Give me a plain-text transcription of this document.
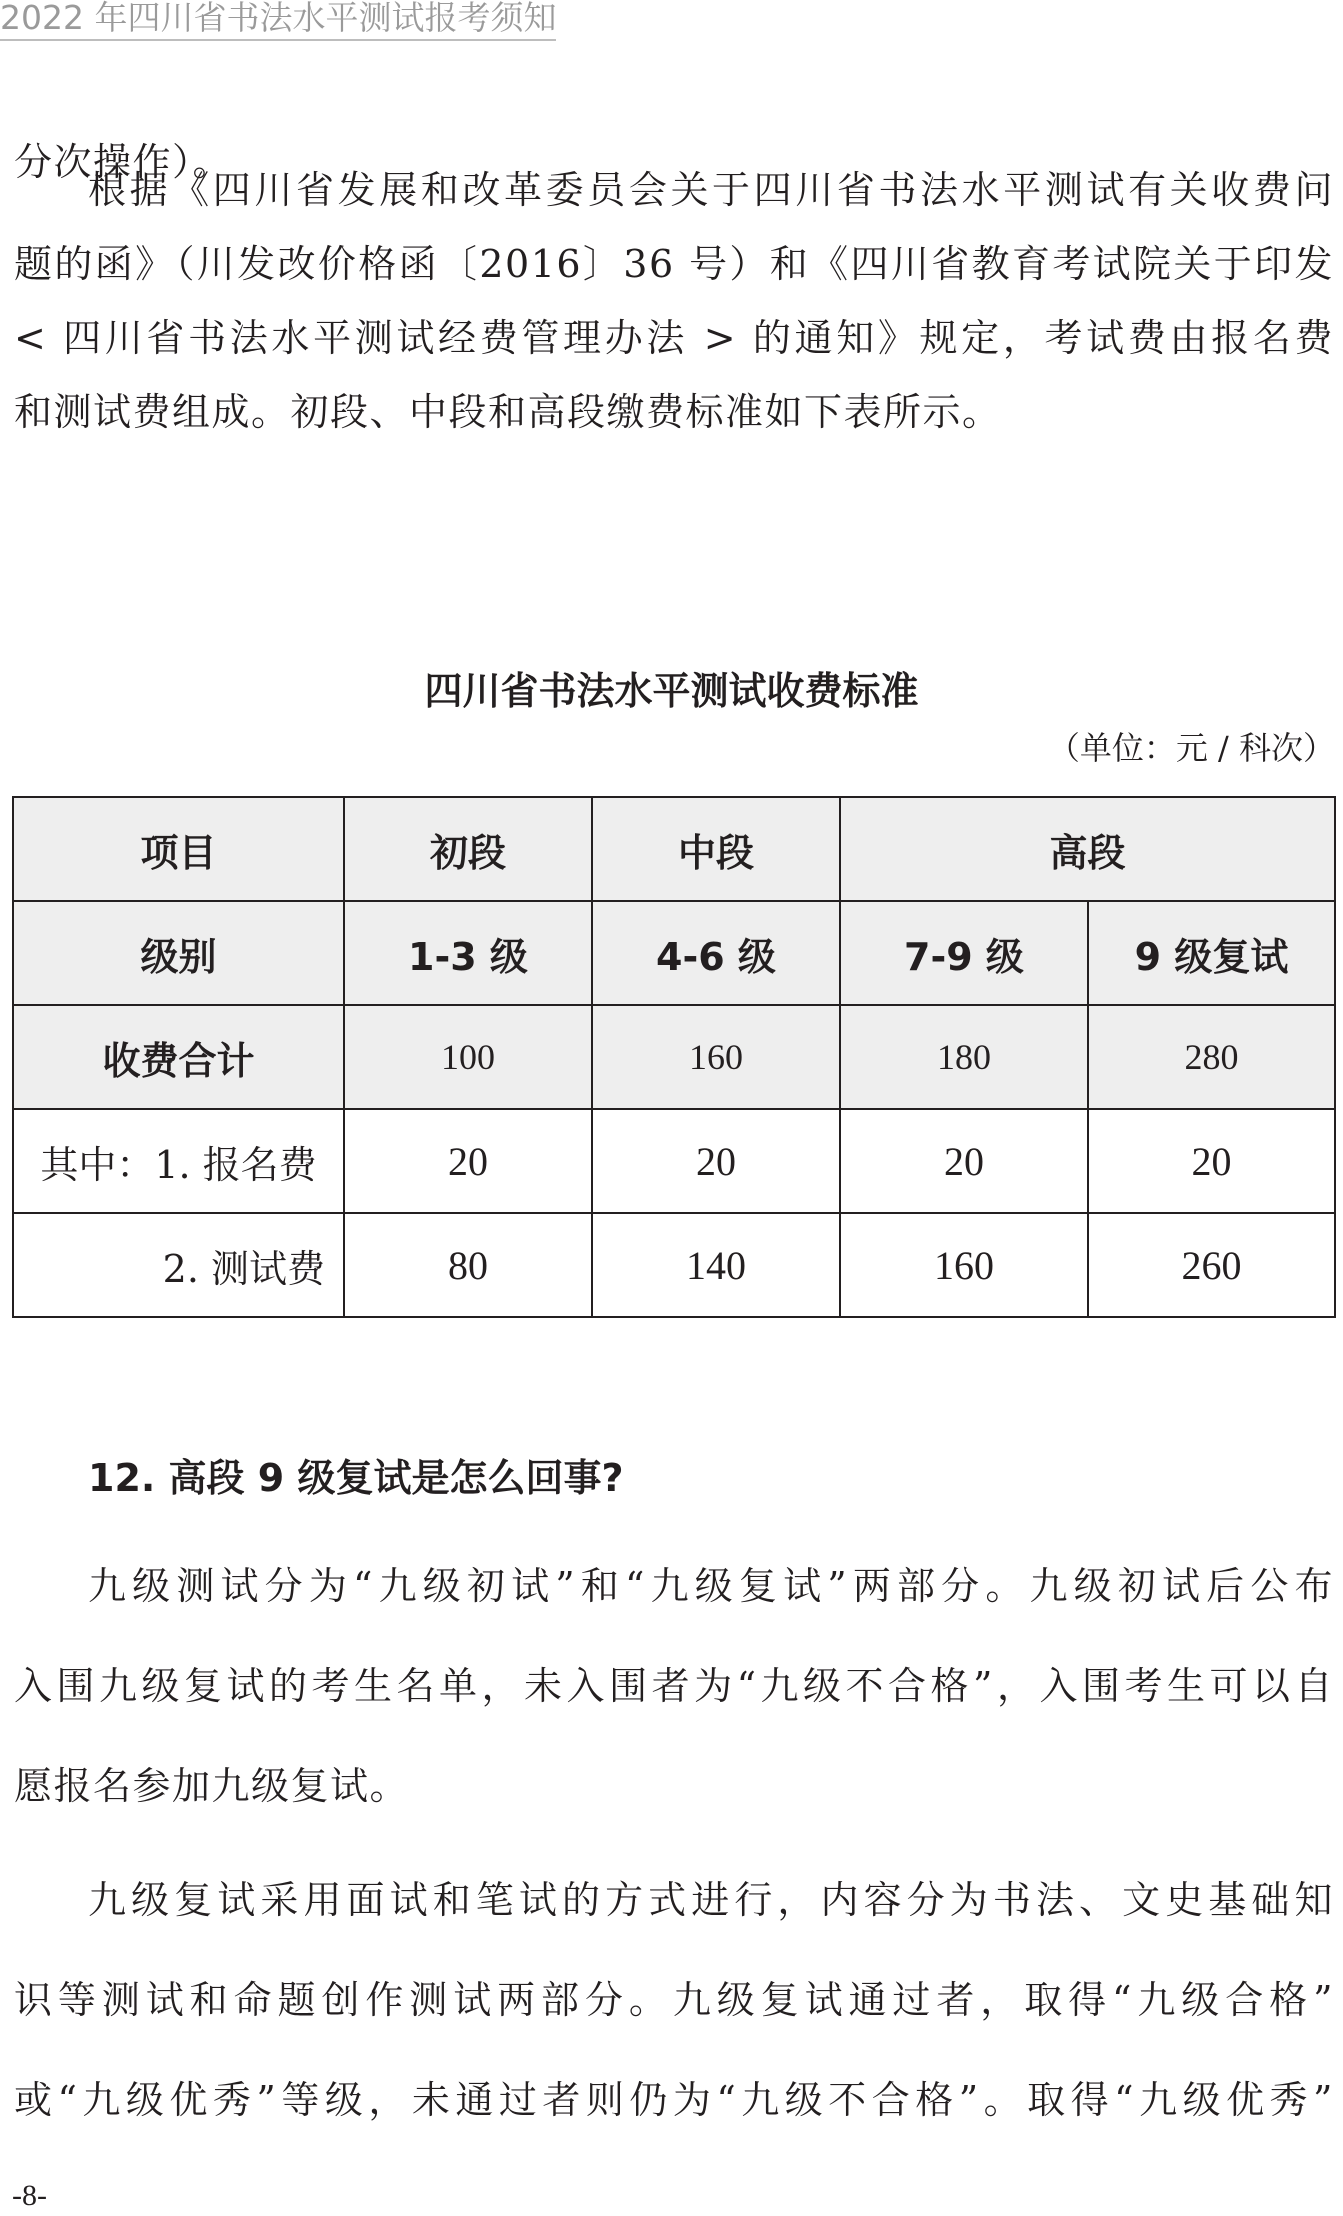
2022 年四川省书法水平测试报考须知

分次操作）。

根据《四川省发展和改革委员会关于四川省书法水平测试有关收费问

题的函》（川发改价格函〔2016〕36 号）和《四川省教育考试院关于印发

< 四川省书法水平测试经费管理办法 > 的通知》规定，考试费由报名费

和测试费组成。初段、中段和高段缴费标准如下表所示。

四川省书法水平测试收费标准
（单位：元 / 科次）
项目	初段	中段	高段	
级别	1-3 级	4-6 级	7-9 级	9 级复试
收费合计	100	160	180	280
其中：1. 报名费	20	20	20	20
2. 测试费	80	140	160	260
12. 高段 9 级复试是怎么回事?

九级测试分为“九级初试”和“九级复试”两部分。九级初试后公布

入围九级复试的考生名单，未入围者为“九级不合格”，入围考生可以自

愿报名参加九级复试。

九级复试采用面试和笔试的方式进行，内容分为书法、文史基础知

识等测试和命题创作测试两部分。九级复试通过者，取得“九级合格”

或“九级优秀”等级，未通过者则仍为“九级不合格”。取得“九级优秀”

-8-
